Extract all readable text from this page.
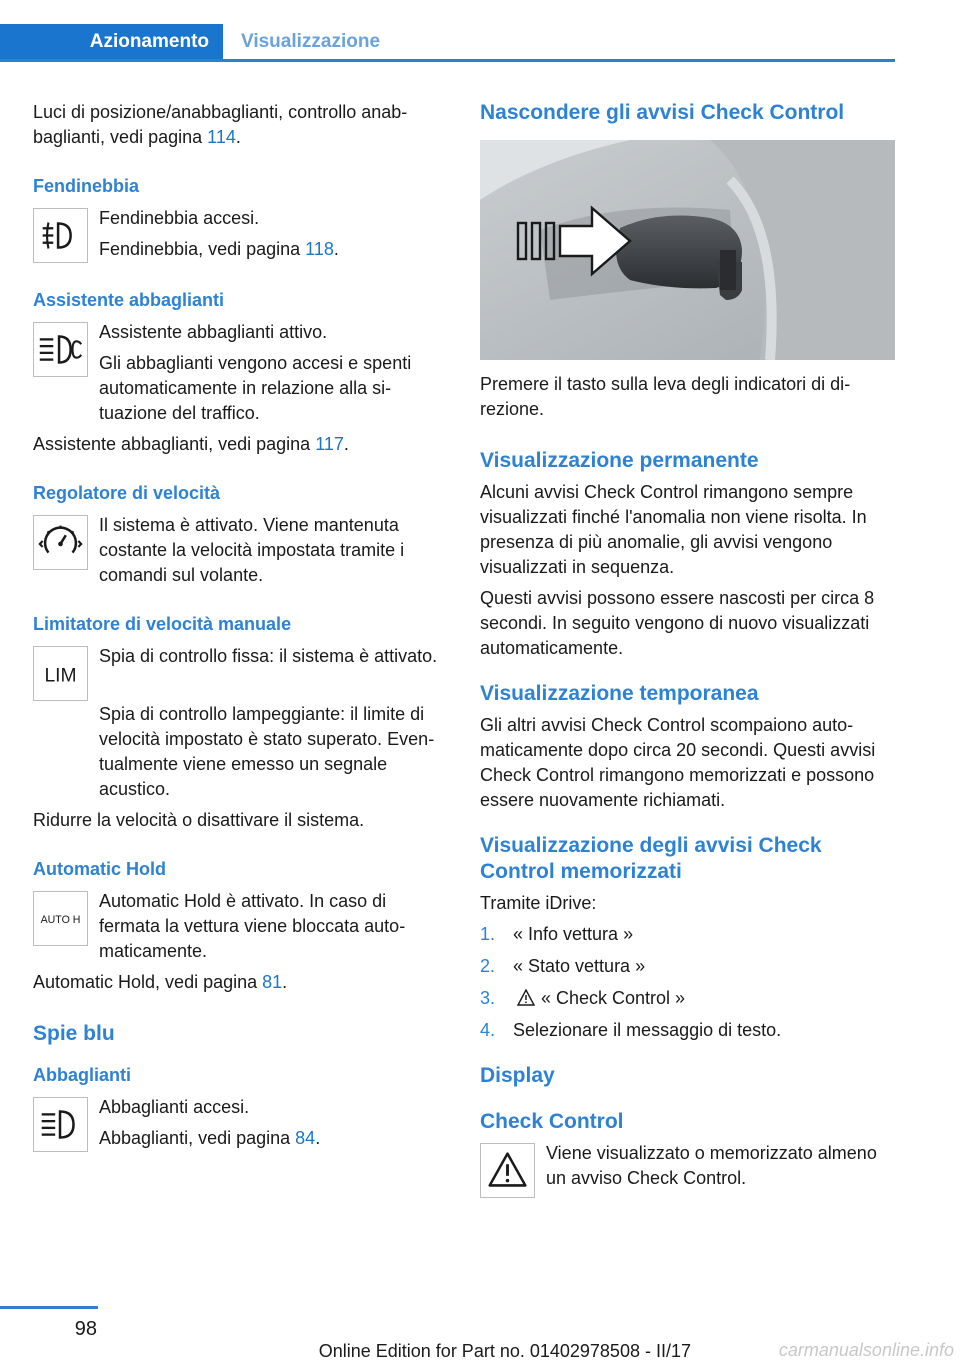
Azionamento	Visualizzazione

Luci di posizione/anabbaglianti, controllo anabbaglianti, vedi pagina 114.

Fendinebbia

Fendinebbia accesi.

Fendinebbia, vedi pagina 118.

Assistente abbaglianti

Assistente abbaglianti attivo.

Gli abbaglianti vengono accesi e spenti automaticamente in relazione alla situazione del traffico.

Assistente abbaglianti, vedi pagina 117.

Regolatore di velocità

Il sistema è attivato. Viene mantenuta costante la velocità impostata tramite i comandi sul volante.

Limitatore di velocità manuale
LIM

Spia di controllo fissa: il sistema è attivato.

Spia di controllo lampeggiante: il limite di velocità impostato è stato superato. Eventualmente viene emesso un segnale acustico.

Ridurre la velocità o disattivare il sistema.

Automatic Hold
AUTO H

Automatic Hold è attivato. In caso di fermata la vettura viene bloccata automaticamente.

Automatic Hold, vedi pagina 81.

Spie blu
Abbaglianti

Abbaglianti accesi.

Abbaglianti, vedi pagina 84.

Nascondere gli avvisi Check Control

Premere il tasto sulla leva degli indicatori di direzione.

Visualizzazione permanente

Alcuni avvisi Check Control rimangono sempre visualizzati finché l'anomalia non viene risolta. In presenza di più anomalie, gli avvisi vengono visualizzati in sequenza.

Questi avvisi possono essere nascosti per circa 8 secondi. In seguito vengono di nuovo visualizzati automaticamente.

Visualizzazione temporanea

Gli altri avvisi Check Control scompaiono automaticamente dopo circa 20 secondi. Questi avvisi Check Control rimangono memorizzati e possono essere nuovamente richiamati.

Visualizzazione degli avvisi Check Control memorizzati

Tramite iDrive:

1. « Info vettura »
2. « Stato vettura »
3.	« Check Control »
4. Selezionare il messaggio di testo.
Display
Check Control

Viene visualizzato o memorizzato almeno un avviso Check Control.

98
Online Edition for Part no. 01402978508 - II/17	carmanualsonline.info
